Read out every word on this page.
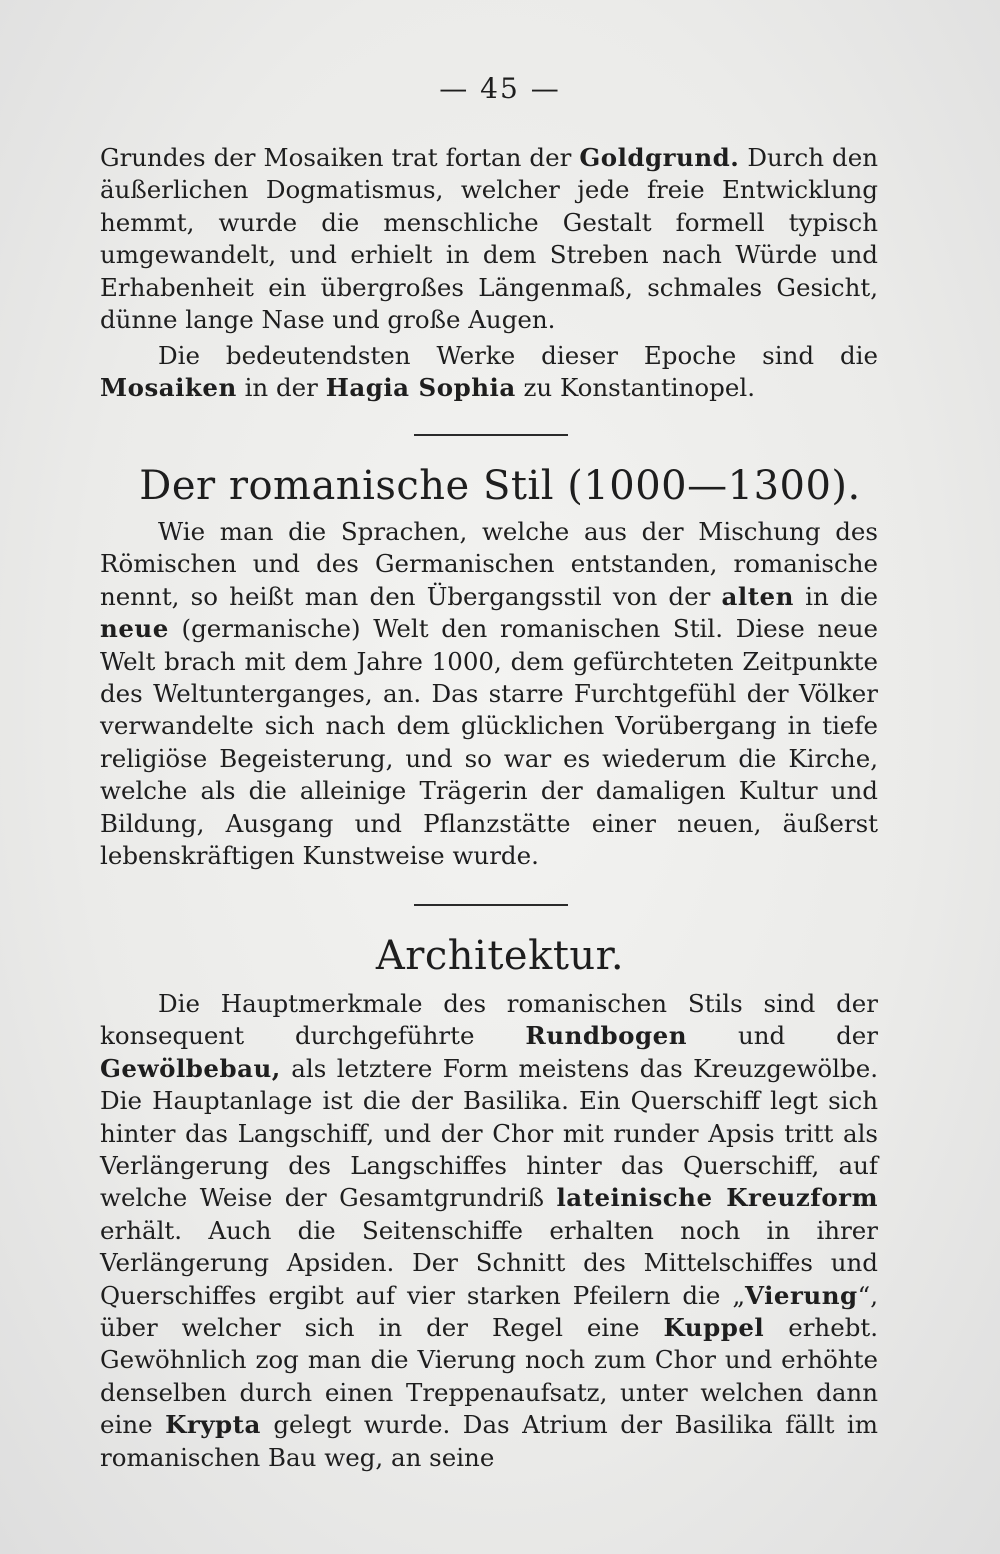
— 45 —

Grundes der Mosaiken trat fortan der Goldgrund. Durch den äußerlichen Dogmatismus, welcher jede freie Entwicklung hemmt, wurde die menschliche Gestalt formell typisch umgewandelt, und erhielt in dem Streben nach Würde und Erhabenheit ein übergroßes Längenmaß, schmales Gesicht, dünne lange Nase und große Augen.

Die bedeutendsten Werke dieser Epoche sind die Mosaiken in der Hagia Sophia zu Konstantinopel.

Der romanische Stil (1000—1300).

Wie man die Sprachen, welche aus der Mischung des Römischen und des Germanischen entstanden, romanische nennt, so heißt man den Übergangsstil von der alten in die neue (germanische) Welt den romanischen Stil. Diese neue Welt brach mit dem Jahre 1000, dem gefürchteten Zeitpunkte des Weltunterganges, an. Das starre Furchtgefühl der Völker verwandelte sich nach dem glücklichen Vorübergang in tiefe religiöse Begeisterung, und so war es wiederum die Kirche, welche als die alleinige Trägerin der damaligen Kultur und Bildung, Ausgang und Pflanzstätte einer neuen, äußerst lebenskräftigen Kunstweise wurde.

Architektur.

Die Hauptmerkmale des romanischen Stils sind der konsequent durchgeführte Rundbogen und der Gewölbebau, als letztere Form meistens das Kreuzgewölbe. Die Hauptanlage ist die der Basilika. Ein Querschiff legt sich hinter das Langschiff, und der Chor mit runder Apsis tritt als Verlängerung des Langschiffes hinter das Querschiff, auf welche Weise der Gesamtgrundriß lateinische Kreuzform erhält. Auch die Seitenschiffe erhalten noch in ihrer Verlängerung Apsiden. Der Schnitt des Mittelschiffes und Querschiffes ergibt auf vier starken Pfeilern die „Vierung“, über welcher sich in der Regel eine Kuppel erhebt. Gewöhnlich zog man die Vierung noch zum Chor und erhöhte denselben durch einen Treppenaufsatz, unter welchen dann eine Krypta gelegt wurde. Das Atrium der Basilika fällt im romanischen Bau weg, an seine
